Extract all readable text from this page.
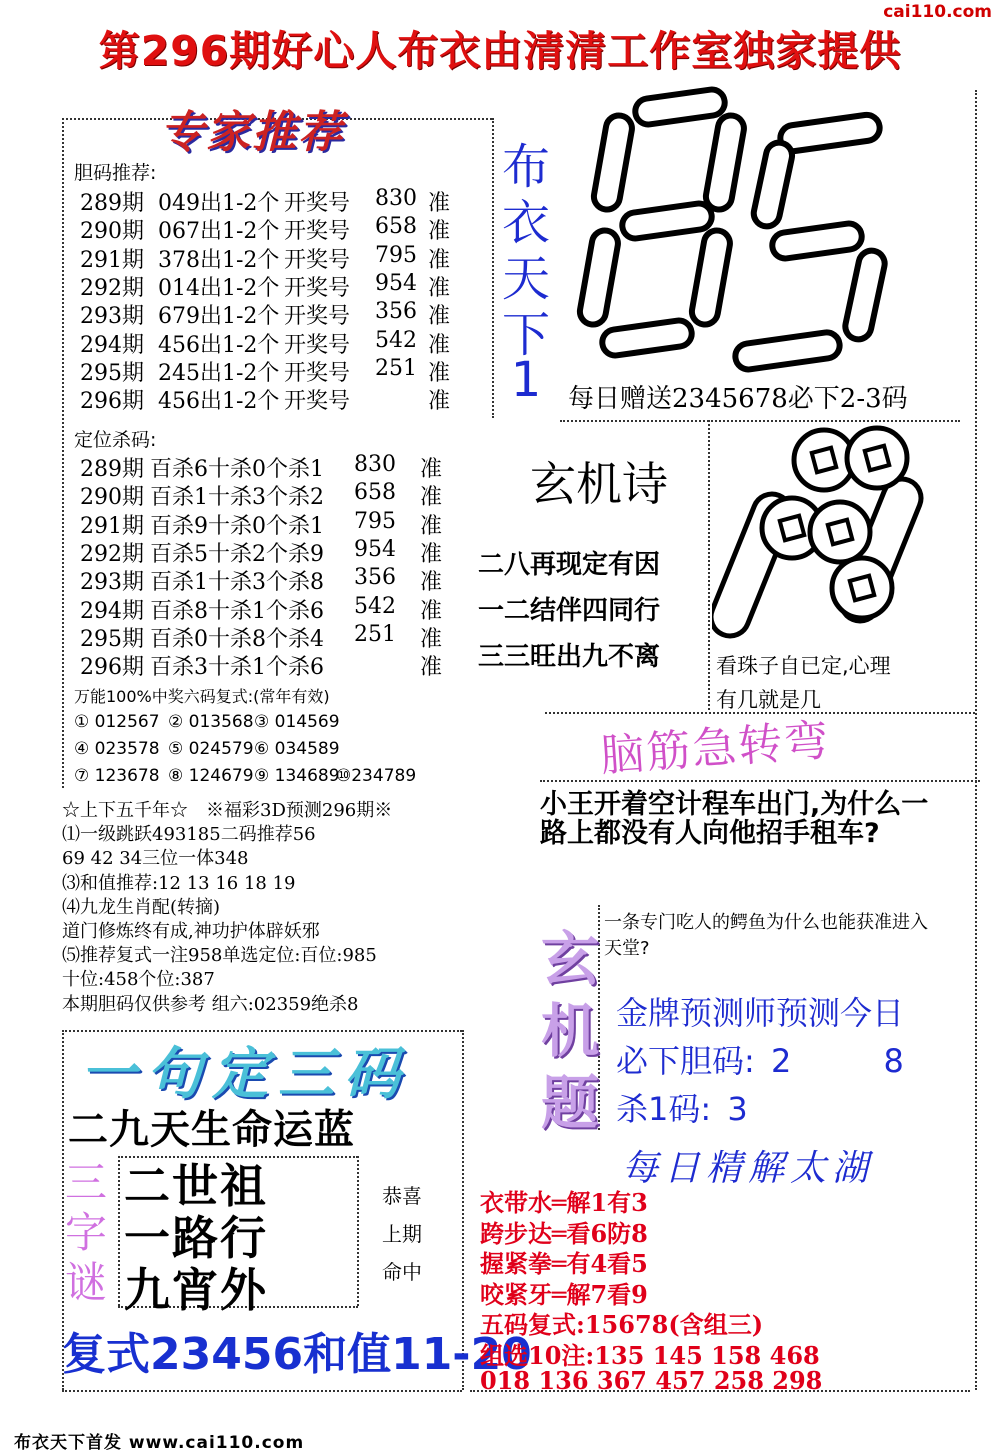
cai110.com
第296期好心人布衣由清清工作室独家提供
专家推荐
胆码推荐:
289期 049出1-2个 开奖号 830 准
290期 067出1-2个 开奖号 658 准
291期 378出1-2个 开奖号 795 准
292期 014出1-2个 开奖号 954 准
293期 679出1-2个 开奖号 356 准
294期 456出1-2个 开奖号 542 准
295期 245出1-2个 开奖号 251 准
296期 456出1-2个 开奖号	准
定位杀码:
289期 百杀6十杀0个杀1 830 准
290期 百杀1十杀3个杀2 658 准
291期 百杀9十杀0个杀1 795 准
292期 百杀5十杀2个杀9 954 准
293期 百杀1十杀3个杀8 356 准
294期 百杀8十杀1个杀6 542 准
295期 百杀0十杀8个杀4 251 准
296期 百杀3十杀1个杀6	准
万能100%中奖六码复式:(常年有效)
① 012567 ② 013568 ③ 014569
④ 023578 ⑤ 024579 ⑥ 034589
⑦ 123678 ⑧ 124679 ⑨ 134689
⑩234789
☆上下五千年☆　※福彩3D预测296期※
⑴一级跳跃493185二码推荐56
69 42 34三位一体348
⑶和值推荐:12 13 16 18 19
⑷九龙生肖配(转摘)
道门修炼终有成,神功护体辟妖邪
⑸推荐复式一注958单选定位:百位:985
十位:458个位:387
本期胆码仅供参考 组六:02359绝杀8
一句定三码
二九天生命运蓝
三字谜
二世祖
一路行
九宵外
恭喜
上期
命中
复式23456和值11-20
布
衣
天
下
1	每日赠送2345678必下2-3码
玄机诗
二八再现定有因
一二结伴四同行
三三旺出九不离	看珠子自已定,心理
有几就是几
脑筋急转弯
小王开着空计程车出门,为什么一路上都没有人向他招手租车?
玄
机
题
一条专门吃人的鳄鱼为什么也能获准进入天堂?
金牌预测师预测今日
必下胆码: 2	8
杀1码: 3
每日精解太湖
衣带水═解1有3
跨步达═看6防8
握紧拳═有4看5
咬紧牙═解7看9
五码复式:15678(含组三)
组选10注:135 145 158 468
018 136 367 457 258 298
布衣天下首发 www.cai110.com
